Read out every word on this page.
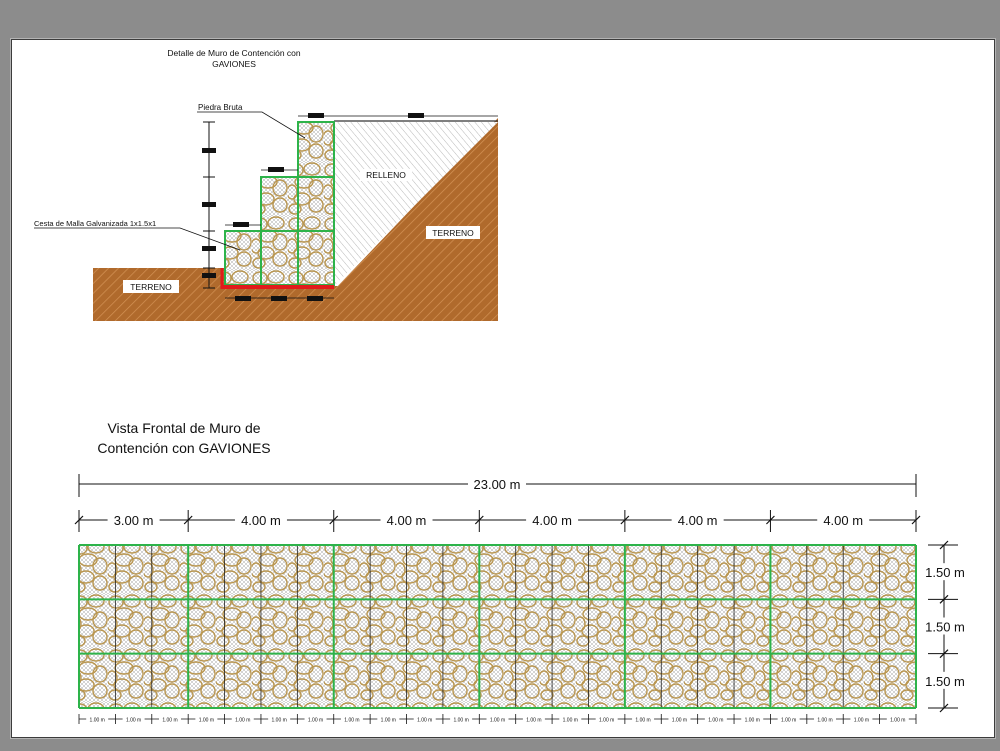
Detalle de Muro de Contención con
GAVIONES
Piedra Bruta
Cesta de Malla Galvanizada 1x1.5x1
RELLENO
TERRENO
TERRENO
Vista Frontal de Muro de
Contención con GAVIONES
23.00 m
3.00 m	4.00 m	4.00 m	4.00 m	4.00 m	4.00 m
1.50 m
1.50 m
1.50 m
1.00 m	1.00 m	1.00 m	1.00 m	1.00 m	1.00 m	1.00 m	1.00 m	1.00 m	1.00 m	1.00 m	1.00 m	1.00 m	1.00 m	1.00 m	1.00 m	1.00 m	1.00 m	1.00 m	1.00 m	1.00 m	1.00 m	1.00 m
